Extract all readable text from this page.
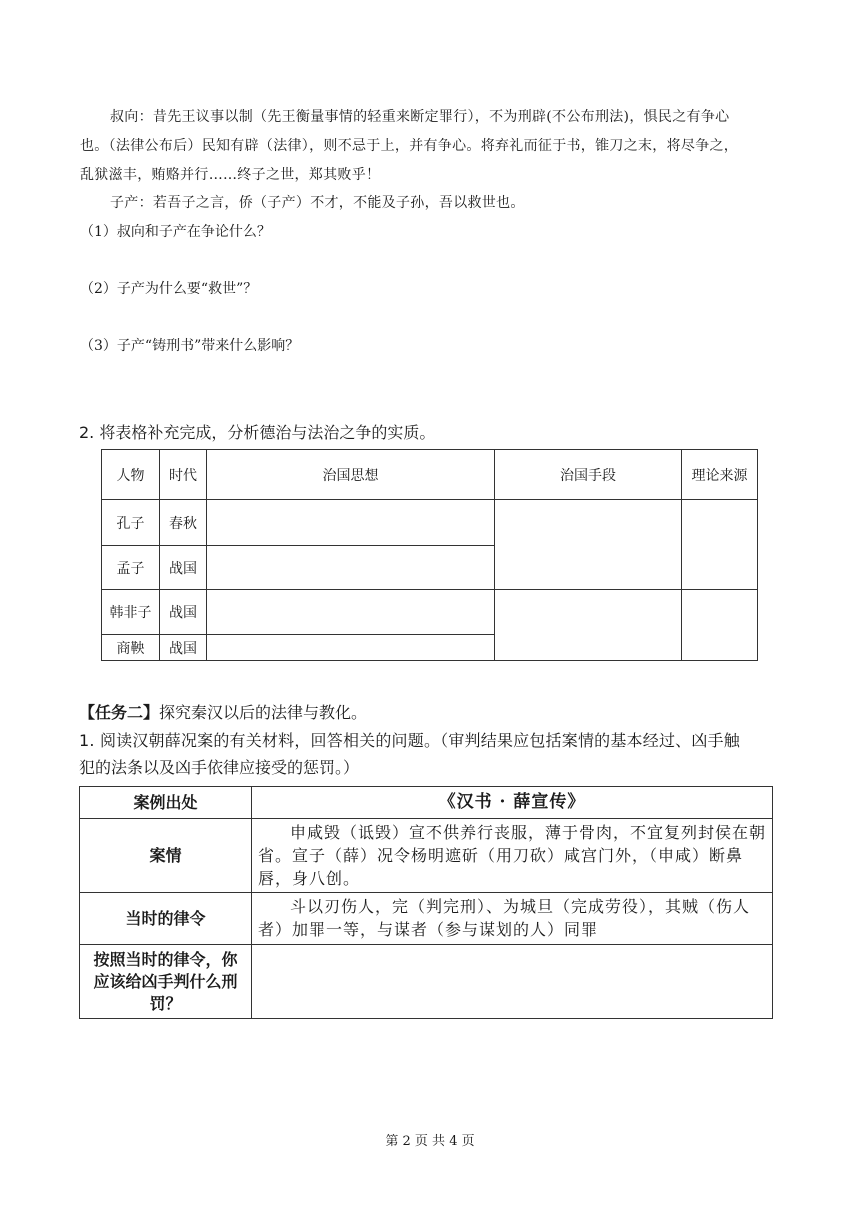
叔向：昔先王议事以制（先王衡量事情的轻重来断定罪行），不为刑辟(不公布刑法)，惧民之有争心
也。（法律公布后）民知有辟（法律），则不忌于上，并有争心。将弃礼而征于书，锥刀之末，将尽争之，
乱狱滋丰，贿赂并行……终子之世，郑其败乎！
子产：若吾子之言，侨（子产）不才，不能及子孙，吾以救世也。
（1）叔向和子产在争论什么？
（2）子产为什么要“救世”？
（3）子产“铸刑书”带来什么影响？
2. 将表格补充完成，分析德治与法治之争的实质。
人物	时代	治国思想	治国手段	理论来源
孔子	春秋			
孟子	战国			
韩非子	战国			
商鞅	战国			
【任务二】探究秦汉以后的法律与教化。
1. 阅读汉朝薛况案的有关材料，回答相关的问题。（审判结果应包括案情的基本经过、凶手触
犯的法条以及凶手依律应接受的惩罚。）
案例出处	《汉书 · 薛宣传》
案情	申咸毁（诋毁）宣不供养行丧服，薄于骨肉，不宜复列封侯在朝省。宣子（薛）况令杨明遮斫（用刀砍）咸宫门外，（申咸）断鼻唇，身八创。
当时的律令	斗以刃伤人，完（判完刑）、为城旦（完成劳役），其贼（伤人者）加罪一等，与谋者（参与谋划的人）同罪
按照当时的律令，你应该给凶手判什么刑罚？	
第 2 页 共 4 页
